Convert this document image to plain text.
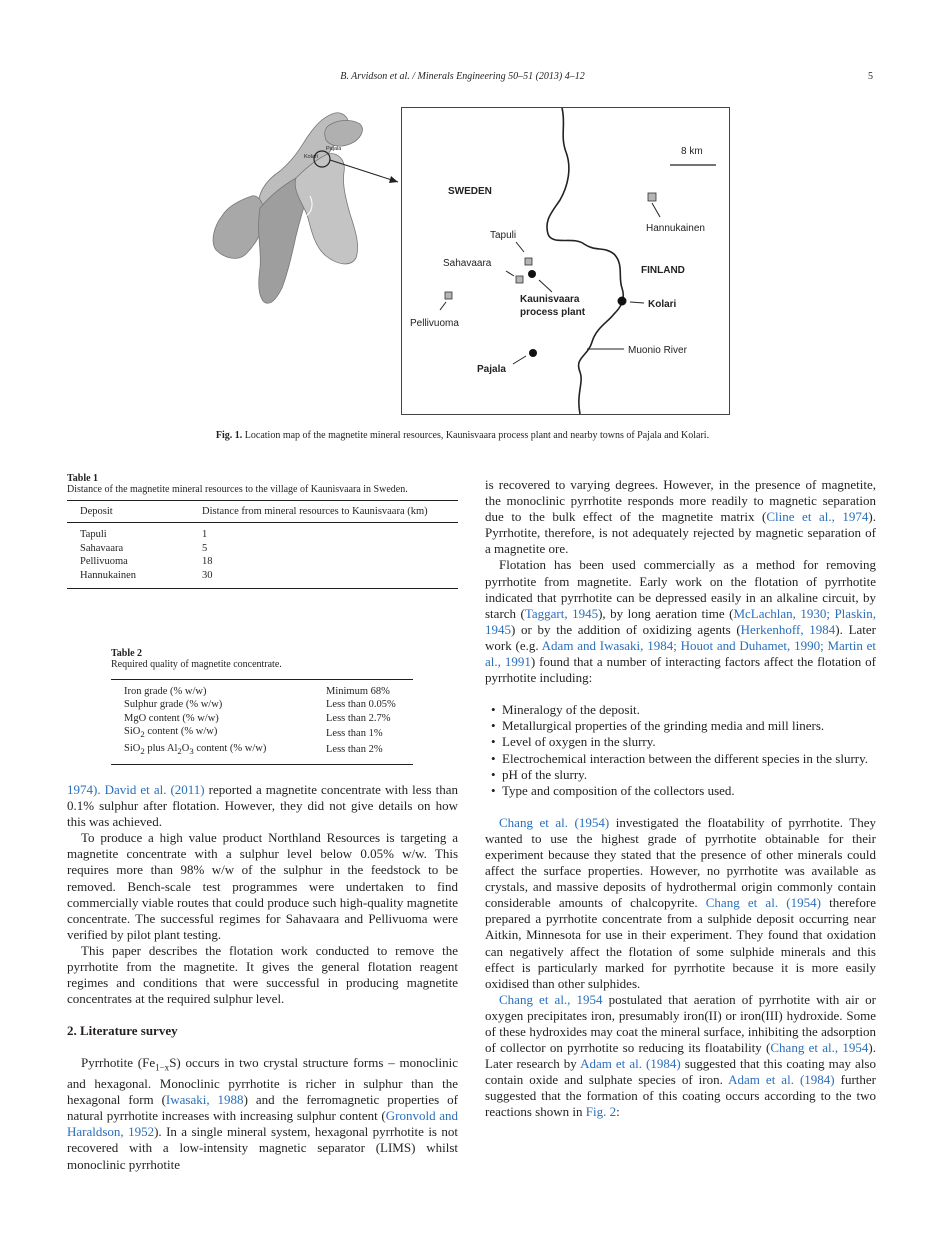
B. Arvidson et al. / Minerals Engineering 50–51 (2013) 4–12	5
Kolari
Pajala	8 km
SWEDEN
FINLAND
Hannukainen
Tapuli
Sahavaara
Kaunisvaara
process plant
Pellivuoma
Kolari
Muonio River
Pajala
Fig. 1. Location map of the magnetite mineral resources, Kaunisvaara process plant and nearby towns of Pajala and Kolari.
Table 1
Distance of the magnetite mineral resources to the village of Kaunisvaara in Sweden.
Deposit	Distance from mineral resources to Kaunisvaara (km)
Tapuli	1
Sahavaara	5
Pellivuoma	18
Hannukainen	30
Table 2
Required quality of magnetite concentrate.
Iron grade (% w/w)	Minimum 68%
Sulphur grade (% w/w)	Less than 0.05%
MgO content (% w/w)	Less than 2.7%
SiO$_2$ content (% w/w)	Less than 1%
SiO$_2$ plus $Al_2O_3$ content (% w/w)	Less than 2%

1974). David et al. (2011) reported a magnetite concentrate with less than 0.1% sulphur after flotation. However, they did not give details on how this was achieved.

To produce a high value product Northland Resources is targeting a magnetite concentrate with a sulphur level below 0.05% w/w. This requires more than 98% w/w of the sulphur in the feedstock to be removed. Bench-scale test programmes were undertaken to find commercially viable routes that could produce such high-quality magnetite concentrate. The successful regimes for Sahavaara and Pellivuoma were verified by pilot plant testing.

This paper describes the flotation work conducted to remove the pyrrhotite from the magnetite. It gives the general flotation reagent regimes and conditions that were successful in producing magnetite concentrates at the required sulphur level.

2. Literature survey

Pyrrhotite $(Fe_{1-x}S)$ occurs in two crystal structure forms – monoclinic and hexagonal. Monoclinic pyrrhotite is richer in sulphur than the hexagonal form (Iwasaki, 1988) and the ferromagnetic properties of natural pyrrhotite increases with increasing sulphur content (Gronvold and Haraldson, 1952). In a single mineral system, hexagonal pyrrhotite is not recovered with a low-intensity magnetic separator (LIMS) whilst monoclinic pyrrhotite

is recovered to varying degrees. However, in the presence of magnetite, the monoclinic pyrrhotite responds more readily to magnetic separation due to the bulk effect of the magnetite matrix (Cline et al., 1974). Pyrrhotite, therefore, is not adequately rejected by magnetic separation of a magnetite ore.

Flotation has been used commercially as a method for removing pyrrhotite from magnetite. Early work on the flotation of pyrrhotite indicated that pyrrhotite can be depressed easily in an alkaline circuit, by starch (Taggart, 1945), by long aeration time (McLachlan, 1930; Plaskin, 1945) or by the addition of oxidizing agents (Herkenhoff, 1984). Later work (e.g. Adam and Iwasaki, 1984; Houot and Duhamet, 1990; Martin et al., 1991) found that a number of interacting factors affect the flotation of pyrrhotite including:

• Mineralogy of the deposit.
• Metallurgical properties of the grinding media and mill liners.
• Level of oxygen in the slurry.
• Electrochemical interaction between the different species in the slurry.
• pH of the slurry.
• Type and composition of the collectors used.

Chang et al. (1954) investigated the floatability of pyrrhotite. They wanted to use the highest grade of pyrrhotite obtainable for their experiment because they stated that the presence of other minerals could affect the surface properties. However, no pyrrhotite was available as crystals, and massive deposits of hydrothermal origin commonly contain considerable amounts of chalcopyrite. Chang et al. (1954) therefore prepared a pyrrhotite concentrate from a sulphide deposit occurring near Aitkin, Minnesota for use in their experiment. They found that oxidation can negatively affect the flotation of some sulphide minerals and this effect is particularly marked for pyrrhotite because it is more easily oxidised than other sulphides.

Chang et al., 1954 postulated that aeration of pyrrhotite with air or oxygen precipitates iron, presumably iron(II) or iron(III) hydroxide. Some of these hydroxides may coat the mineral surface, inhibiting the adsorption of collector on pyrrhotite so reducing its floatability (Chang et al., 1954). Later research by Adam et al. (1984) suggested that this coating may also contain oxide and sulphate species of iron. Adam et al. (1984) further suggested that the formation of this coating occurs according to the two reactions shown in Fig. 2:
